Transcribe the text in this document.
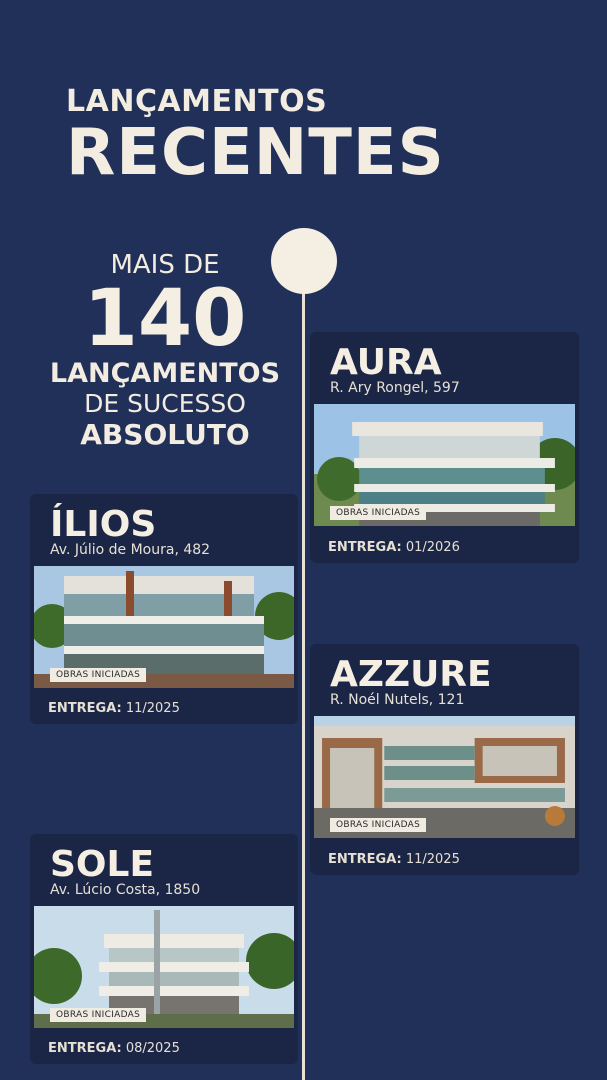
LANÇAMENTOS
RECENTES
MAIS DE
140
LANÇAMENTOS
DE SUCESSO
ABSOLUTO
AURA
R. Ary Rongel, 597
OBRAS INICIADAS
ENTREGA: 01/2026
ÍLIOS
Av. Júlio de Moura, 482
OBRAS INICIADAS
ENTREGA: 11/2025
AZZURE
R. Noél Nutels, 121
OBRAS INICIADAS
ENTREGA: 11/2025
SOLE
Av. Lúcio Costa, 1850
OBRAS INICIADAS
ENTREGA: 08/2025
